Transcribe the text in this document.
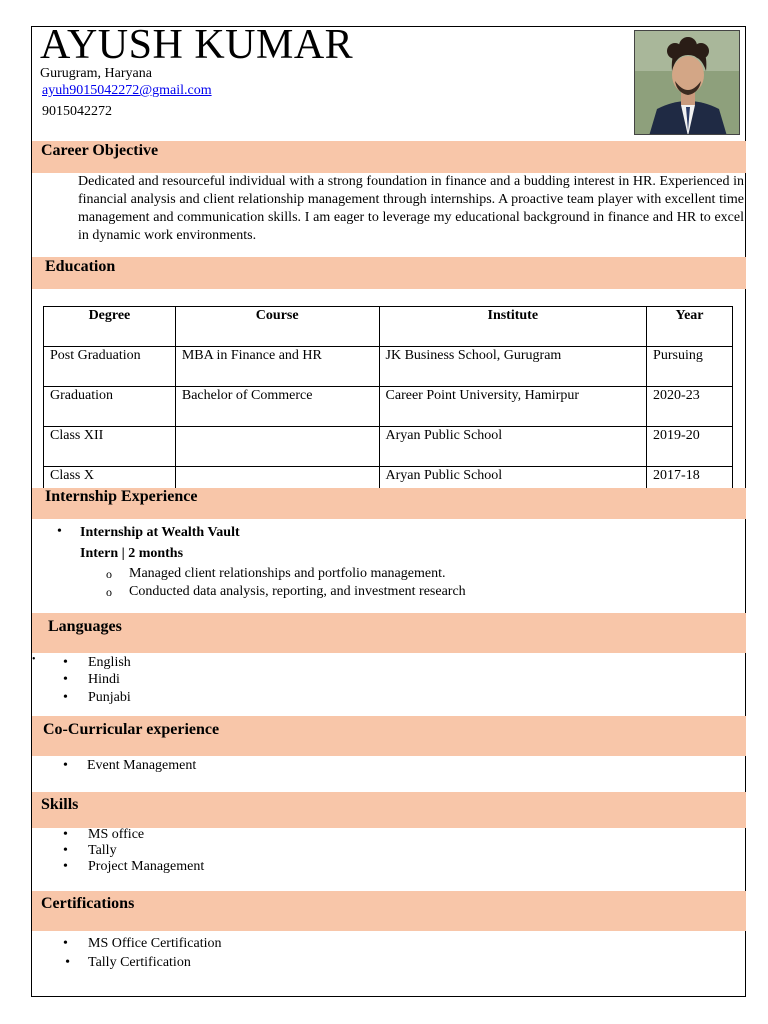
AYUSH KUMAR
Gurugram, Haryana
ayuh9015042272@gmail.com
9015042272
Career Objective
Dedicated and resourceful individual with a strong foundation in finance and a budding interest in HR. Experienced in financial analysis and client relationship management through internships. A proactive team player with excellent time management and communication skills. I am eager to leverage my educational background in finance and HR to excel in dynamic work environments.
Education
Degree	Course	Institute	Year
Post Graduation	MBA in Finance and HR	JK Business School, Gurugram	Pursuing
Graduation	Bachelor of Commerce	Career Point University, Hamirpur	2020-23
Class XII		Aryan Public School	2019-20
Class X		Aryan Public School	2017-18
Internship Experience
• Internship at Wealth Vault
Intern | 2 months
o Managed client relationships and portfolio management.
o Conducted data analysis, reporting, and investment research
Languages
• • English
• Hindi
• Punjabi
Co-Curricular experience
• Event Management
Skills
• MS office
• Tally
• Project Management
Certifications
• MS Office Certification
• Tally Certification
